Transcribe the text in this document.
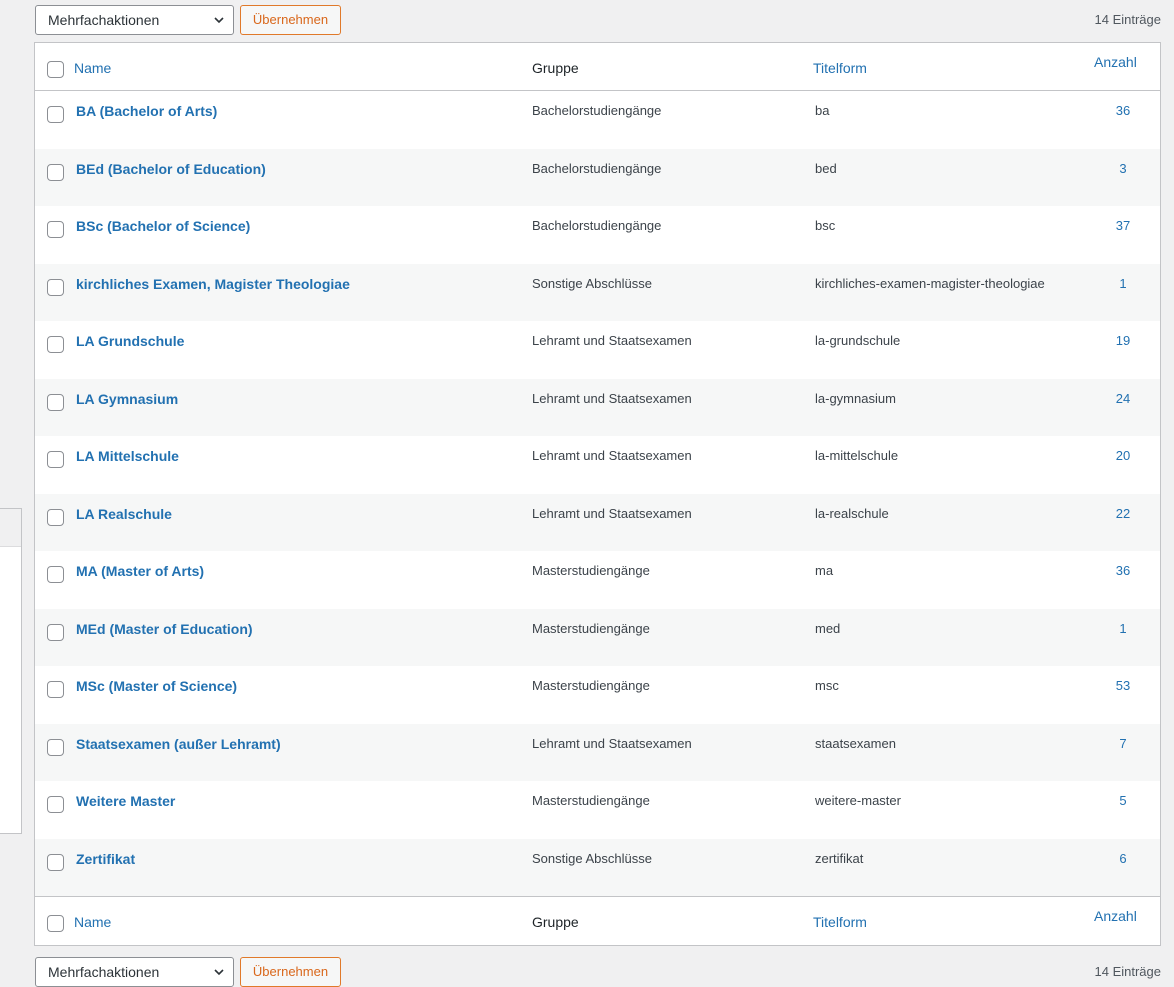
Mehrfachaktionen	Übernehmen	14 Einträge
Name	Gruppe	Titelform	Anzahl
BA (Bachelor of Arts)	Bachelorstudiengänge	ba	36
BEd (Bachelor of Education)	Bachelorstudiengänge	bed	3
BSc (Bachelor of Science)	Bachelorstudiengänge	bsc	37
kirchliches Examen, Magister Theologiae	Sonstige Abschlüsse	kirchliches-examen-magister-theologiae	1
LA Grundschule	Lehramt und Staatsexamen	la-grundschule	19
LA Gymnasium	Lehramt und Staatsexamen	la-gymnasium	24
LA Mittelschule	Lehramt und Staatsexamen	la-mittelschule	20
LA Realschule	Lehramt und Staatsexamen	la-realschule	22
MA (Master of Arts)	Masterstudiengänge	ma	36
MEd (Master of Education)	Masterstudiengänge	med	1
MSc (Master of Science)	Masterstudiengänge	msc	53
Staatsexamen (außer Lehramt)	Lehramt und Staatsexamen	staatsexamen	7
Weitere Master	Masterstudiengänge	weitere-master	5
Zertifikat	Sonstige Abschlüsse	zertifikat	6
Name	Gruppe	Titelform	Anzahl
Mehrfachaktionen	Übernehmen	14 Einträge
